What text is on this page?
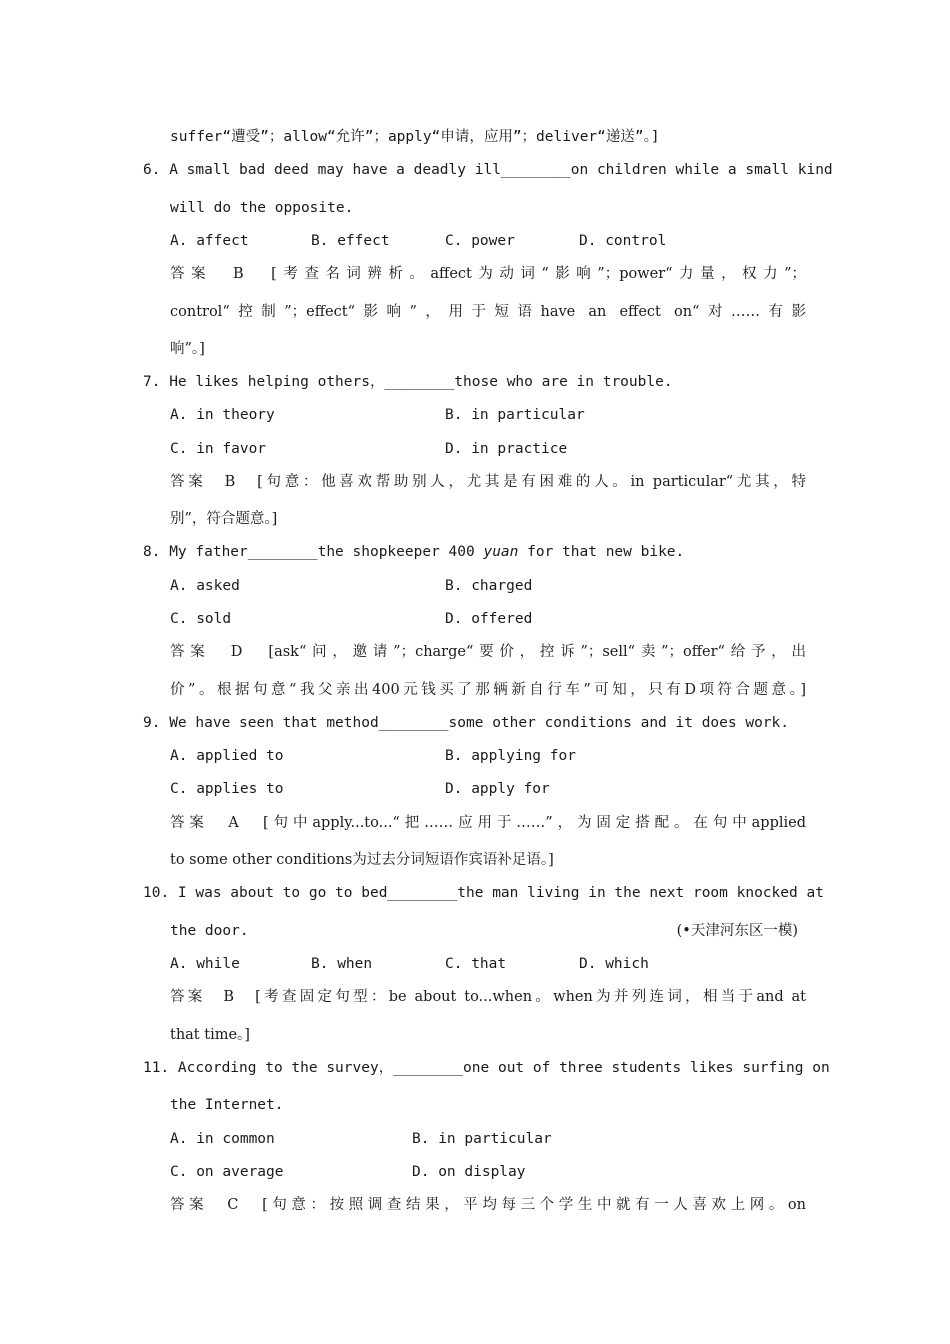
suffer“遭受”；allow“允许”；apply“申请，应用”；deliver“递送”。]
6. A small bad deed may have a deadly ill________on children while a small kind
will do the opposite.
A. affect	B. effect	C. power	D. control
答案　B　[考查名词辨析。affect为动词“影响”；power“力量，权力”；
control“控制”；effect“影响”，用于短语have an effect on“对……有影
响”。]
7. He likes helping others，________those who are in trouble.
A. in theory	B. in particular
C. in favor	D. in practice
答案　B　[句意：他喜欢帮助别人，尤其是有困难的人。in particular“尤其，特
别”，符合题意。]
8. My father________the shopkeeper 400 yuan for that new bike.
A. asked	B. charged
C. sold	D. offered
答案　D　[ask“问，邀请”；charge“要价，控诉”；sell“卖”；offer“给予，出
价”。根据句意“我父亲出400元钱买了那辆新自行车”可知，只有D项符合题意。]
9. We have seen that method________some other conditions and it does work.
A. applied to	B. applying for
C. applies to	D. apply for
答案　A　[句中apply...to...“把……应用于……”，为固定搭配。在句中applied
to some other conditions为过去分词短语作宾语补足语。]
10. I was about to go to bed________the man living in the next room knocked at
the door.	(•天津河东区一模)
A. while	B. when	C. that	D. which
答案　B　[考查固定句型：be about to...when。when为并列连词，相当于and at
that time。]
11. According to the survey，________one out of three students likes surfing on
the Internet.
A. in common	B. in particular
C. on average	D. on display
答案　C　[句意：按照调查结果，平均每三个学生中就有一人喜欢上网。on
